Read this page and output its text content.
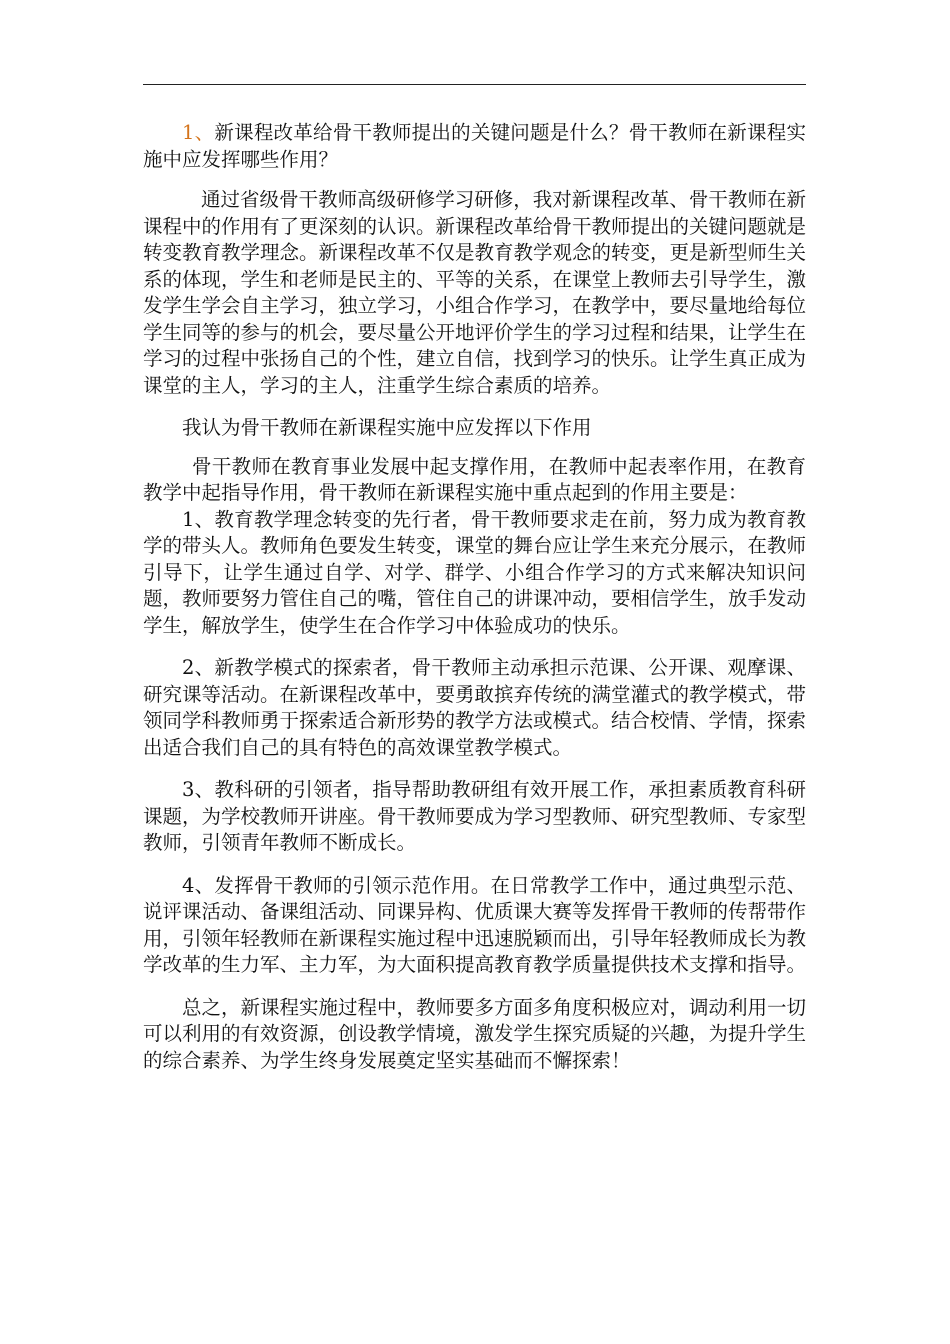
1、新课程改革给骨干教师提出的关键问题是什么？骨干教师在新课程实施中应发挥哪些作用？

通过省级骨干教师高级研修学习研修，我对新课程改革、骨干教师在新课程中的作用有了更深刻的认识。新课程改革给骨干教师提出的关键问题就是转变教育教学理念。新课程改革不仅是教育教学观念的转变，更是新型师生关系的体现，学生和老师是民主的、平等的关系，在课堂上教师去引导学生，激发学生学会自主学习，独立学习，小组合作学习，在教学中，要尽量地给每位学生同等的参与的机会，要尽量公开地评价学生的学习过程和结果，让学生在学习的过程中张扬自己的个性，建立自信，找到学习的快乐。让学生真正成为课堂的主人，学习的主人，注重学生综合素质的培养。

我认为骨干教师在新课程实施中应发挥以下作用

骨干教师在教育事业发展中起支撑作用，在教师中起表率作用，在教育教学中起指导作用，骨干教师在新课程实施中重点起到的作用主要是：

1、教育教学理念转变的先行者，骨干教师要求走在前，努力成为教育教学的带头人。教师角色要发生转变，课堂的舞台应让学生来充分展示，在教师引导下，让学生通过自学、对学、群学、小组合作学习的方式来解决知识问题，教师要努力管住自己的嘴，管住自己的讲课冲动，要相信学生，放手发动学生，解放学生，使学生在合作学习中体验成功的快乐。

2、新教学模式的探索者，骨干教师主动承担示范课、公开课、观摩课、研究课等活动。在新课程改革中，要勇敢摈弃传统的满堂灌式的教学模式，带领同学科教师勇于探索适合新形势的教学方法或模式。结合校情、学情，探索出适合我们自己的具有特色的高效课堂教学模式。

3、教科研的引领者，指导帮助教研组有效开展工作，承担素质教育科研课题，为学校教师开讲座。骨干教师要成为学习型教师、研究型教师、专家型教师，引领青年教师不断成长。

4、发挥骨干教师的引领示范作用。在日常教学工作中，通过典型示范、说评课活动、备课组活动、同课异构、优质课大赛等发挥骨干教师的传帮带作用，引领年轻教师在新课程实施过程中迅速脱颖而出，引导年轻教师成长为教学改革的生力军、主力军，为大面积提高教育教学质量提供技术支撑和指导。

总之，新课程实施过程中，教师要多方面多角度积极应对，调动利用一切可以利用的有效资源，创设教学情境，激发学生探究质疑的兴趣，为提升学生的综合素养、为学生终身发展奠定坚实基础而不懈探索！
